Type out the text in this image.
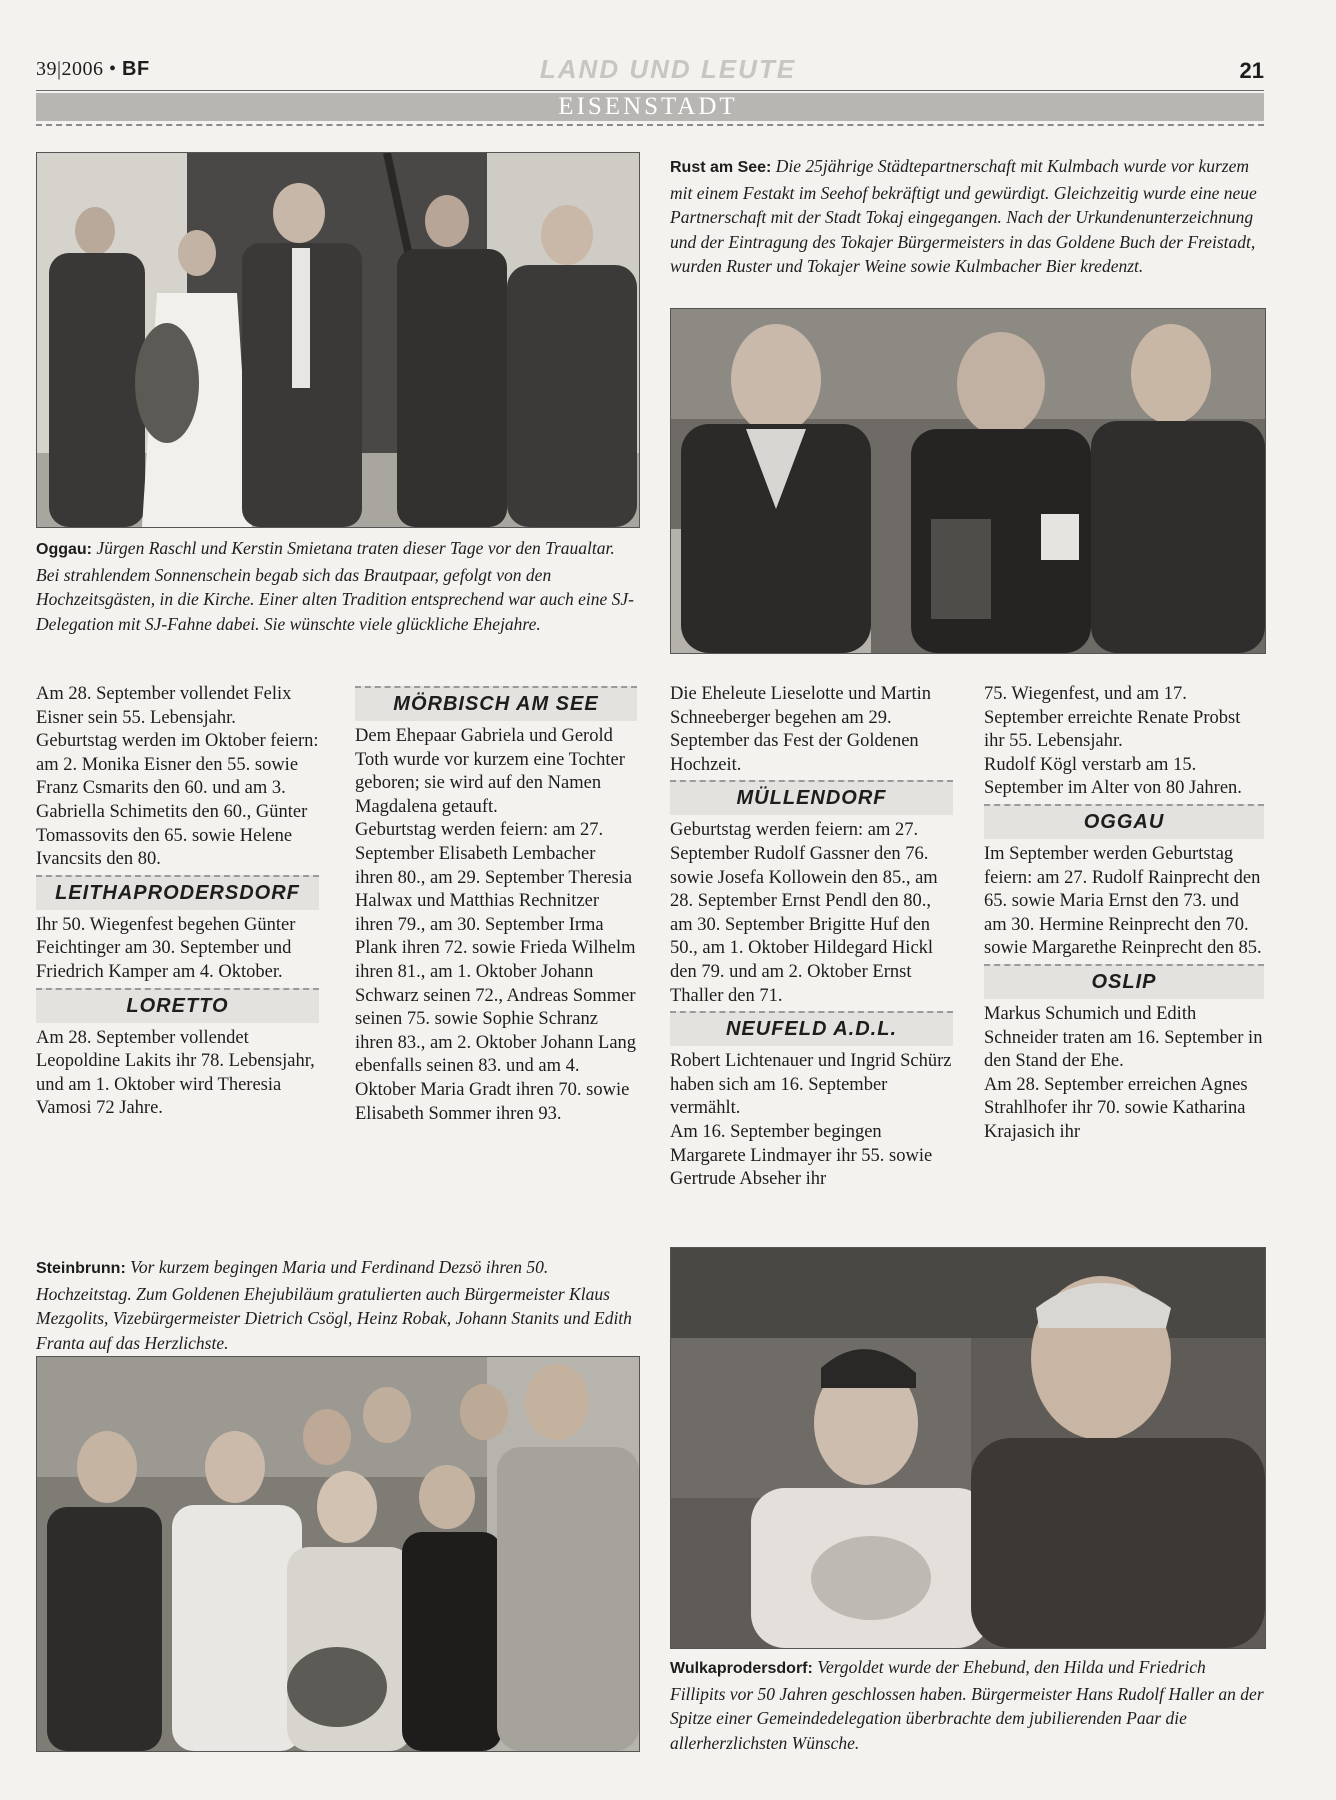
39|2006 • BF	LAND UND LEUTE	21
EISENSTADT
Oggau: Jürgen Raschl und Kerstin Smietana traten dieser Tage vor den Traualtar. Bei strahlendem Sonnenschein begab sich das Brautpaar, gefolgt von den Hochzeitsgästen, in die Kirche. Einer alten Tradition entsprechend war auch eine SJ-Delegation mit SJ-Fahne dabei. Sie wünschte viele glückliche Ehejahre.
Rust am See: Die 25jährige Städtepartnerschaft mit Kulmbach wurde vor kurzem mit einem Festakt im Seehof bekräftigt und gewürdigt. Gleichzeitig wurde eine neue Partnerschaft mit der Stadt Tokaj eingegangen. Nach der Urkundenunterzeichnung und der Eintragung des Tokajer Bürgermeisters in das Goldene Buch der Freistadt, wurden Ruster und Tokajer Weine sowie Kulmbacher Bier kredenzt.

Am 28. September vollendet Felix Eisner sein 55. Lebensjahr.
Geburtstag werden im Oktober feiern: am 2. Monika Eisner den 55. sowie Franz Csmarits den 60. und am 3. Gabriella Schimetits den 60., Günter Tomassovits den 65. sowie Helene Ivancsits den 80.

LEITHAPRODERSDORF

Ihr 50. Wiegenfest begehen Günter Feichtinger am 30. September und Friedrich Kamper am 4. Oktober.

LORETTO

Am 28. September vollendet Leopoldine Lakits ihr 78. Lebensjahr, und am 1. Oktober wird Theresia Vamosi 72 Jahre.

MÖRBISCH AM SEE

Dem Ehepaar Gabriela und Gerold Toth wurde vor kurzem eine Tochter geboren; sie wird auf den Namen Magdalena getauft.
Geburtstag werden feiern: am 27. September Elisabeth Lembacher ihren 80., am 29. September Theresia Halwax und Matthias Rechnitzer ihren 79., am 30. September Irma Plank ihren 72. sowie Frieda Wilhelm ihren 81., am 1. Oktober Johann Schwarz seinen 72., Andreas Sommer seinen 75. sowie Sophie Schranz ihren 83., am 2. Oktober Johann Lang ebenfalls seinen 83. und am 4. Oktober Maria Gradt ihren 70. sowie Elisabeth Sommer ihren 93.

Die Eheleute Lieselotte und Martin Schneeberger begehen am 29. September das Fest der Goldenen Hochzeit.

MÜLLENDORF

Geburtstag werden feiern: am 27. September Rudolf Gassner den 76. sowie Josefa Kollowein den 85., am 28. September Ernst Pendl den 80., am 30. September Brigitte Huf den 50., am 1. Oktober Hildegard Hickl den 79. und am 2. Oktober Ernst Thaller den 71.

NEUFELD A.D.L.

Robert Lichtenauer und Ingrid Schürz haben sich am 16. September vermählt.
Am 16. September begingen Margarete Lindmayer ihr 55. sowie Gertrude Abseher ihr

75. Wiegenfest, und am 17. September erreichte Renate Probst ihr 55. Lebensjahr.
Rudolf Kögl verstarb am 15. September im Alter von 80 Jahren.

OGGAU

Im September werden Geburtstag feiern: am 27. Rudolf Rainprecht den 65. sowie Maria Ernst den 73. und am 30. Hermine Reinprecht den 70. sowie Margarethe Reinprecht den 85.

OSLIP

Markus Schumich und Edith Schneider traten am 16. September in den Stand der Ehe.
Am 28. September erreichen Agnes Strahlhofer ihr 70. sowie Katharina Krajasich ihr

Steinbrunn: Vor kurzem begingen Maria und Ferdinand Dezsö ihren 50. Hochzeitstag. Zum Goldenen Ehejubiläum gratulierten auch Bürgermeister Klaus Mezgolits, Vizebürgermeister Dietrich Csögl, Heinz Robak, Johann Stanits und Edith Franta auf das Herzlichste.
Wulkaprodersdorf: Vergoldet wurde der Ehebund, den Hilda und Friedrich Fillipits vor 50 Jahren geschlossen haben. Bürgermeister Hans Rudolf Haller an der Spitze einer Gemeindedelegation überbrachte dem jubilierenden Paar die allerherzlichsten Wünsche.
